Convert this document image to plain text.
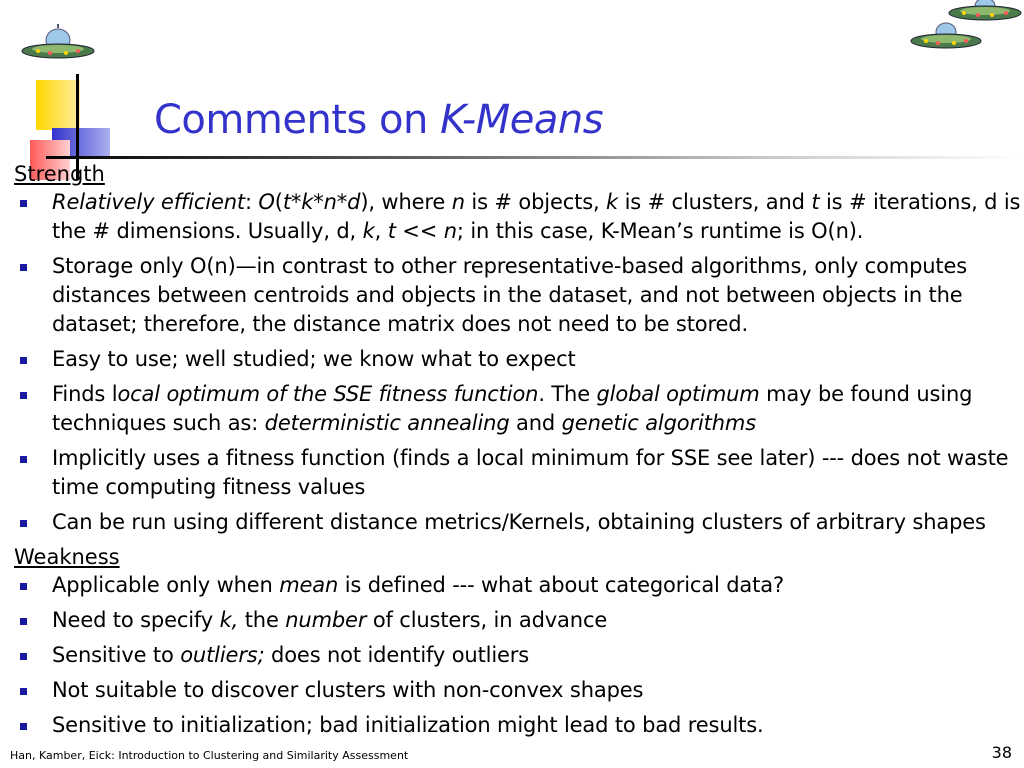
Comments on K-Means
Strength
Relatively efficient: O(t*k*n*d), where n is # objects, k is # clusters, and t is # iterations, d is the # dimensions. Usually, d, k, t << n; in this case, K-Mean’s runtime is O(n).
Storage only O(n)—in contrast to other representative-based algorithms, only computes distances between centroids and objects in the dataset, and not between objects in the dataset; therefore, the distance matrix does not need to be stored.
Easy to use; well studied; we know what to expect
Finds local optimum of the SSE fitness function. The global optimum may be found using techniques such as: deterministic annealing and genetic algorithms
Implicitly uses a fitness function (finds a local minimum for SSE see later) --- does not waste time computing fitness values
Can be run using different distance metrics/Kernels, obtaining clusters of arbitrary shapes
Weakness
Applicable only when mean is defined --- what about categorical data?
Need to specify k, the number of clusters, in advance
Sensitive to outliers; does not identify outliers
Not suitable to discover clusters with non-convex shapes
Sensitive to initialization; bad initialization might lead to bad results.
Han, Kamber, Eick: Introduction to Clustering and Similarity Assessment	38
